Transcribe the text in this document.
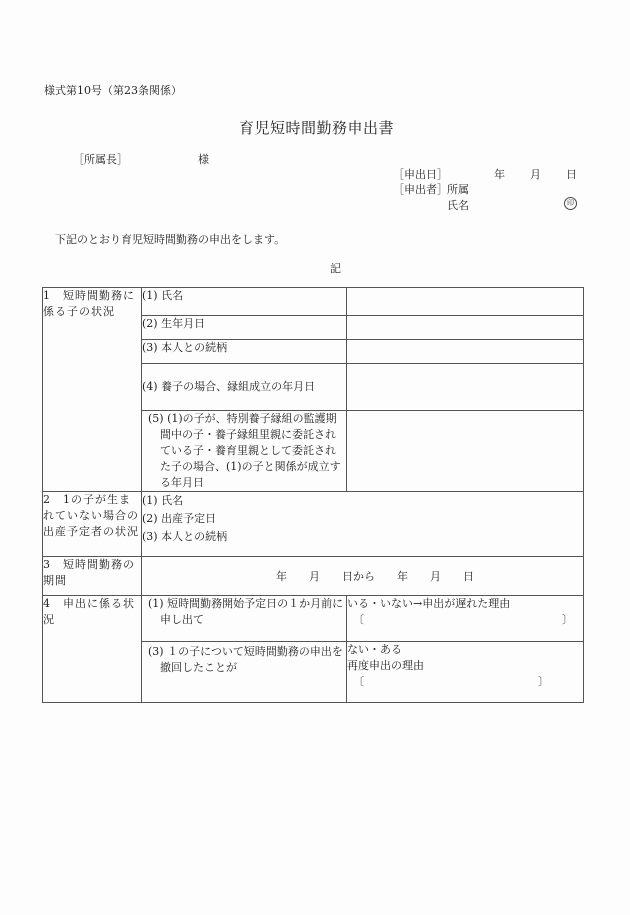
様式第10号（第23条関係）
育児短時間勤務申出書
［所属長］	様
［申出日］	年 月 日
［申出者］ 所属
氏名	印
下記のとおり育児短時間勤務の申出をします。
記
1　短時間勤務に係る子の状況	(1) 氏名	
	(2) 生年月日	
	(3) 本人との続柄	
	(4) 養子の場合、縁組成立の年月日	
	(5) (1)の子が、特別養子縁組の監護期間中の子・養子縁組里親に委託されている子・養育里親として委託された子の場合、(1)の子と関係が成立する年月日	
2　1の子が生まれていない場合の出産予定者の状況	(1) 氏名
(2) 出産予定日
(3) 本人との続柄	

3　短時間勤務の期間	年　　月　　日から　　年　　月　　日	
4　申出に係る状況	(1) 短時間勤務開始予定日の１か月前に申し出て	いる・いない→申出が遅れた理由
〔 〕

	(3) １の子について短時間勤務の申出を撤回したことが	ない・ある
再度申出の理由
〔 〕
